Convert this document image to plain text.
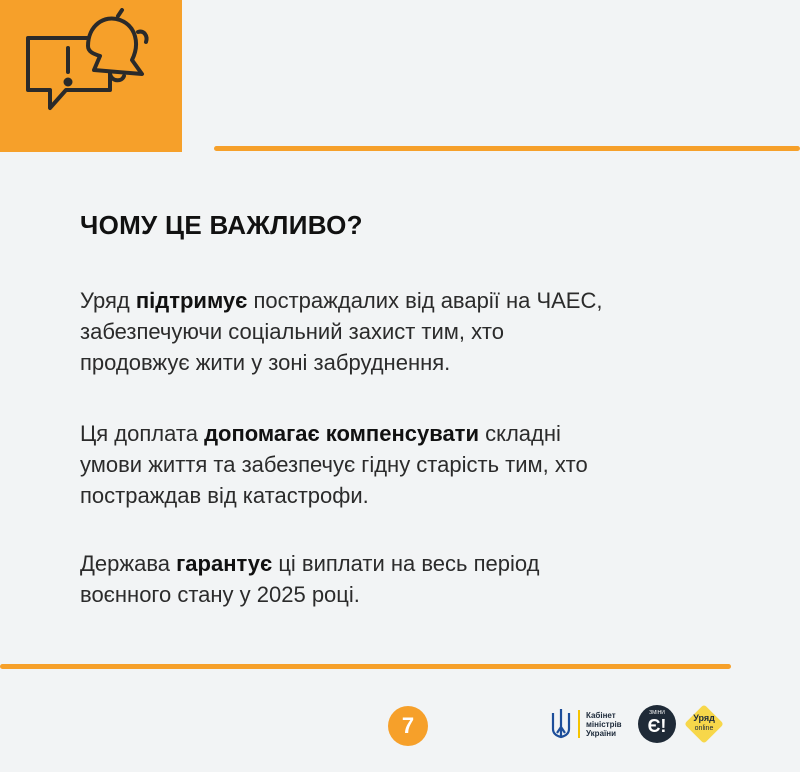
ЧОМУ ЦЕ ВАЖЛИВО?
Уряд підтримує постраждалих від аварії на ЧАЕС,
забезпечуючи соціальний захист тим, хто
продовжує жити у зоні забруднення.
Ця доплата допомагає компенсувати складні
умови життя та забезпечує гідну старість тим, хто
постраждав від катастрофи.
Держава гарантує ці виплати на весь період
воєнного стану у 2025 році.
7	Кабінет
міністрів
України
ЗМІНИ
Є!	Уряд
online
